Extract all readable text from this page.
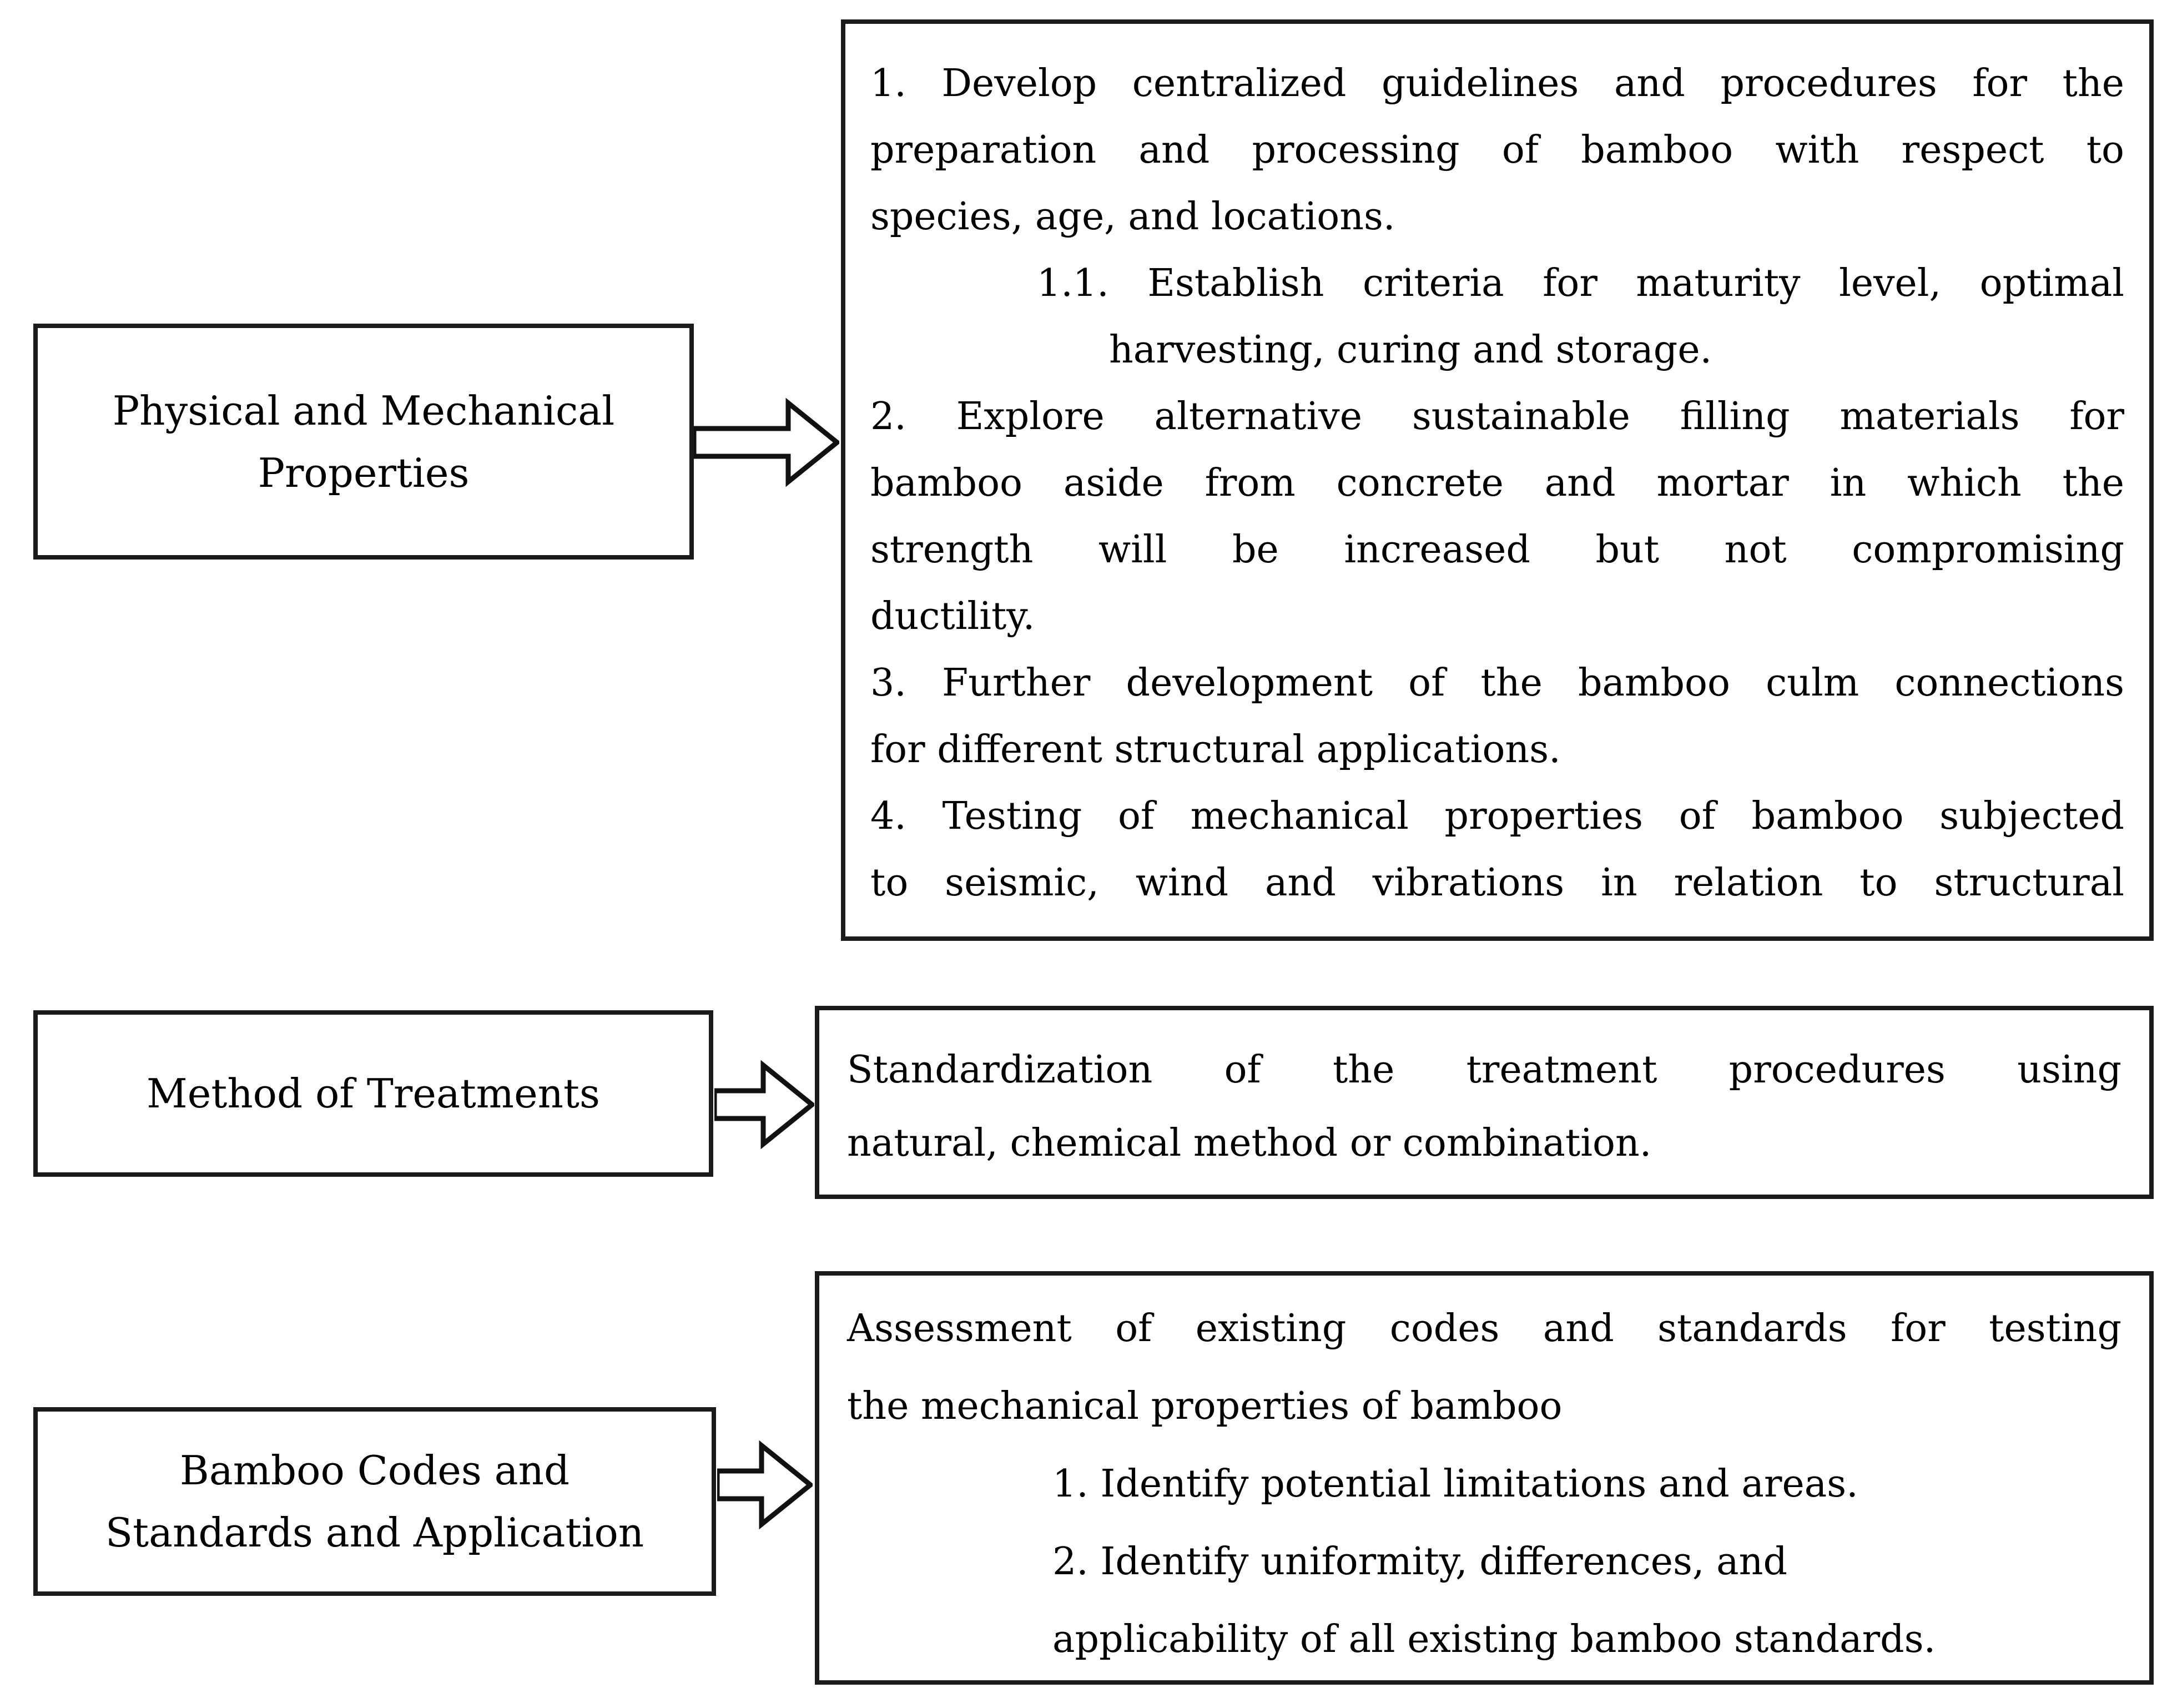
Physical and Mechanical
Properties
1. Develop centralized guidelines and procedures for the
preparation and processing of bamboo with respect to
species, age, and locations.
1.1. Establish criteria for maturity level, optimal
harvesting, curing and storage.
2. Explore alternative sustainable filling materials for
bamboo aside from concrete and mortar in which the
strength will be increased but not compromising
ductility.
3. Further development of the bamboo culm connections
for different structural applications.
4. Testing of mechanical properties of bamboo subjected
to seismic, wind and vibrations in relation to structural
Method of Treatments
Standardization of the treatment procedures using
natural, chemical method or combination.
Bamboo Codes and
Standards and Application
Assessment of existing codes and standards for testing
the mechanical properties of bamboo
1. Identify potential limitations and areas.
2. Identify uniformity, differences, and
applicability of all existing bamboo standards.
